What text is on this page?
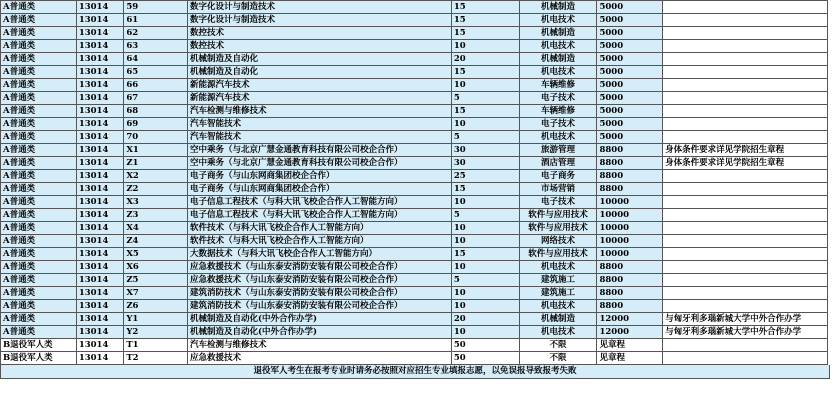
A普通类	13014	59	数字化设计与制造技术	15	机械制造	5000	
A普通类	13014	61	数字化设计与制造技术	15	机电技术	5000	
A普通类	13014	62	数控技术	15	机械制造	5000	
A普通类	13014	63	数控技术	10	机电技术	5000	
A普通类	13014	64	机械制造及自动化	20	机械制造	5000	
A普通类	13014	65	机械制造及自动化	15	机电技术	5000	
A普通类	13014	66	新能源汽车技术	10	车辆维修	5000	
A普通类	13014	67	新能源汽车技术	5	电子技术	5000	
A普通类	13014	68	汽车检测与维修技术	15	车辆维修	5000	
A普通类	13014	69	汽车智能技术	10	电子技术	5000	
A普通类	13014	70	汽车智能技术	5	机电技术	5000	
A普通类	13014	X1	空中乘务（与北京广慧金通教育科技有限公司校企合作）	30	旅游管理	8800	身体条件要求详见学院招生章程
A普通类	13014	Z1	空中乘务（与北京广慧金通教育科技有限公司校企合作）	30	酒店管理	8800	身体条件要求详见学院招生章程
A普通类	13014	X2	电子商务（与山东网商集团校企合作）	25	电子商务	8800	
A普通类	13014	Z2	电子商务（与山东网商集团校企合作）	15	市场营销	8800	
A普通类	13014	X3	电子信息工程技术（与科大讯飞校企合作人工智能方向）	10	电子技术	10000	
A普通类	13014	Z3	电子信息工程技术（与科大讯飞校企合作人工智能方向）	5	软件与应用技术	10000	
A普通类	13014	X4	软件技术（与科大讯飞校企合作人工智能方向）	10	软件与应用技术	10000	
A普通类	13014	Z4	软件技术（与科大讯飞校企合作人工智能方向）	10	网络技术	10000	
A普通类	13014	X5	大数据技术（与科大讯飞校企合作人工智能方向）	15	软件与应用技术	10000	
A普通类	13014	X6	应急救援技术（与山东泰安消防安装有限公司校企合作）	10	机电技术	8800	
A普通类	13014	Z5	应急救援技术（与山东泰安消防安装有限公司校企合作）	5	建筑施工	8800	
A普通类	13014	X7	建筑消防技术（与山东泰安消防安装有限公司校企合作）	10	建筑施工	8800	
A普通类	13014	Z6	建筑消防技术（与山东泰安消防安装有限公司校企合作）	10	机电技术	8800	
A普通类	13014	Y1	机械制造及自动化(中外合作办学)	20	机械制造	12000	与匈牙利多瑙新城大学中外合作办学
A普通类	13014	Y2	机械制造及自动化(中外合作办学)	10	机电技术	12000	与匈牙利多瑙新城大学中外合作办学
B退役军人类	13014	T1	汽车检测与维修技术	50	不限	见章程	
B退役军人类	13014	T2	应急救援技术	50	不限	见章程	
退役军人考生在报考专业时请务必按照对应招生专业填报志愿，以免误报导致报考失败
